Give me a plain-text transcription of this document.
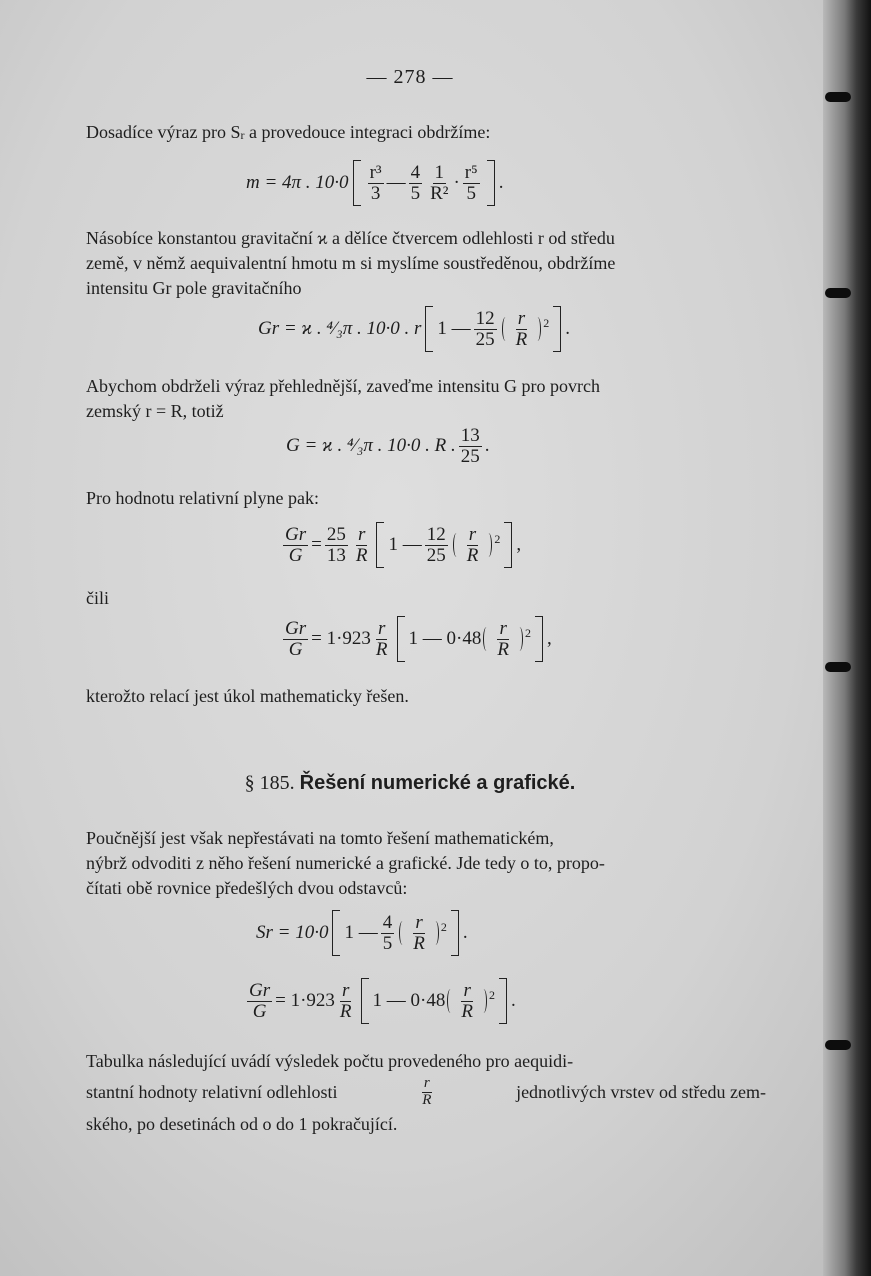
— 278 —
Dosadíce výraz pro Sr a provedouce integraci obdržíme:
m = 4π . $10\cdot 0 \frac{\text{r³}}{3}$ — $\frac{4}{5} \frac{1}{\text{R²}} \cdot \frac{\text{r⁵}}{5}$ .
Násobíce konstantou gravitační ϰ a dělíce čtvercem odlehlosti r od středu
země, v němž aequivalentní hmotu m si myslíme soustředěnou, obdržíme
intensitu Gr pole gravitačního
Gr = ϰ . ⁴⁄₃π . 10·0 . r 1 — $\frac{12}{25} \frac{r}{R} 2$ .
Abychom obdrželi výraz přehlednější, zaveďme intensitu G pro povrch
zemský r = R, totiž
G = ϰ . ⁴⁄₃π . 10·0 . R . $\frac{13}{25}$ .
Pro hodnotu relativní plyne pak:
$\frac{Gr}{G} = \frac{25}{13} \frac{r}{R} 1$ — $\frac{12}{25} \frac{r}{R} 2$ ,
čili
$\frac{Gr}{G} = 1\cdot 923 \frac{r}{R} 1$ — $0\cdot 48 \frac{r}{R} 2$ ,
kterožto relací jest úkol mathematicky řešen.
§ 185. Řešení numerické a grafické.
Poučnější jest však nepřestávati na tomto řešení mathematickém,
nýbrž odvoditi z něho řešení numerické a grafické. Jde tedy o to, propo-
čítati obě rovnice předešlých dvou odstavců:
Sr = 10·0 1 — $\frac{4}{5} \frac{r}{R} 2$ .
$\frac{Gr}{G} = 1\cdot 923 \frac{r}{R} 1$ — $0\cdot 48 \frac{r}{R} 2$ .
Tabulka následující uvádí výsledek počtu provedeného pro aequidi-
stantní hodnoty relativní odlehlosti	$\frac{r}{R}$	jednotlivých vrstev od středu zem-
ského, po desetinách od o do 1 pokračující.
